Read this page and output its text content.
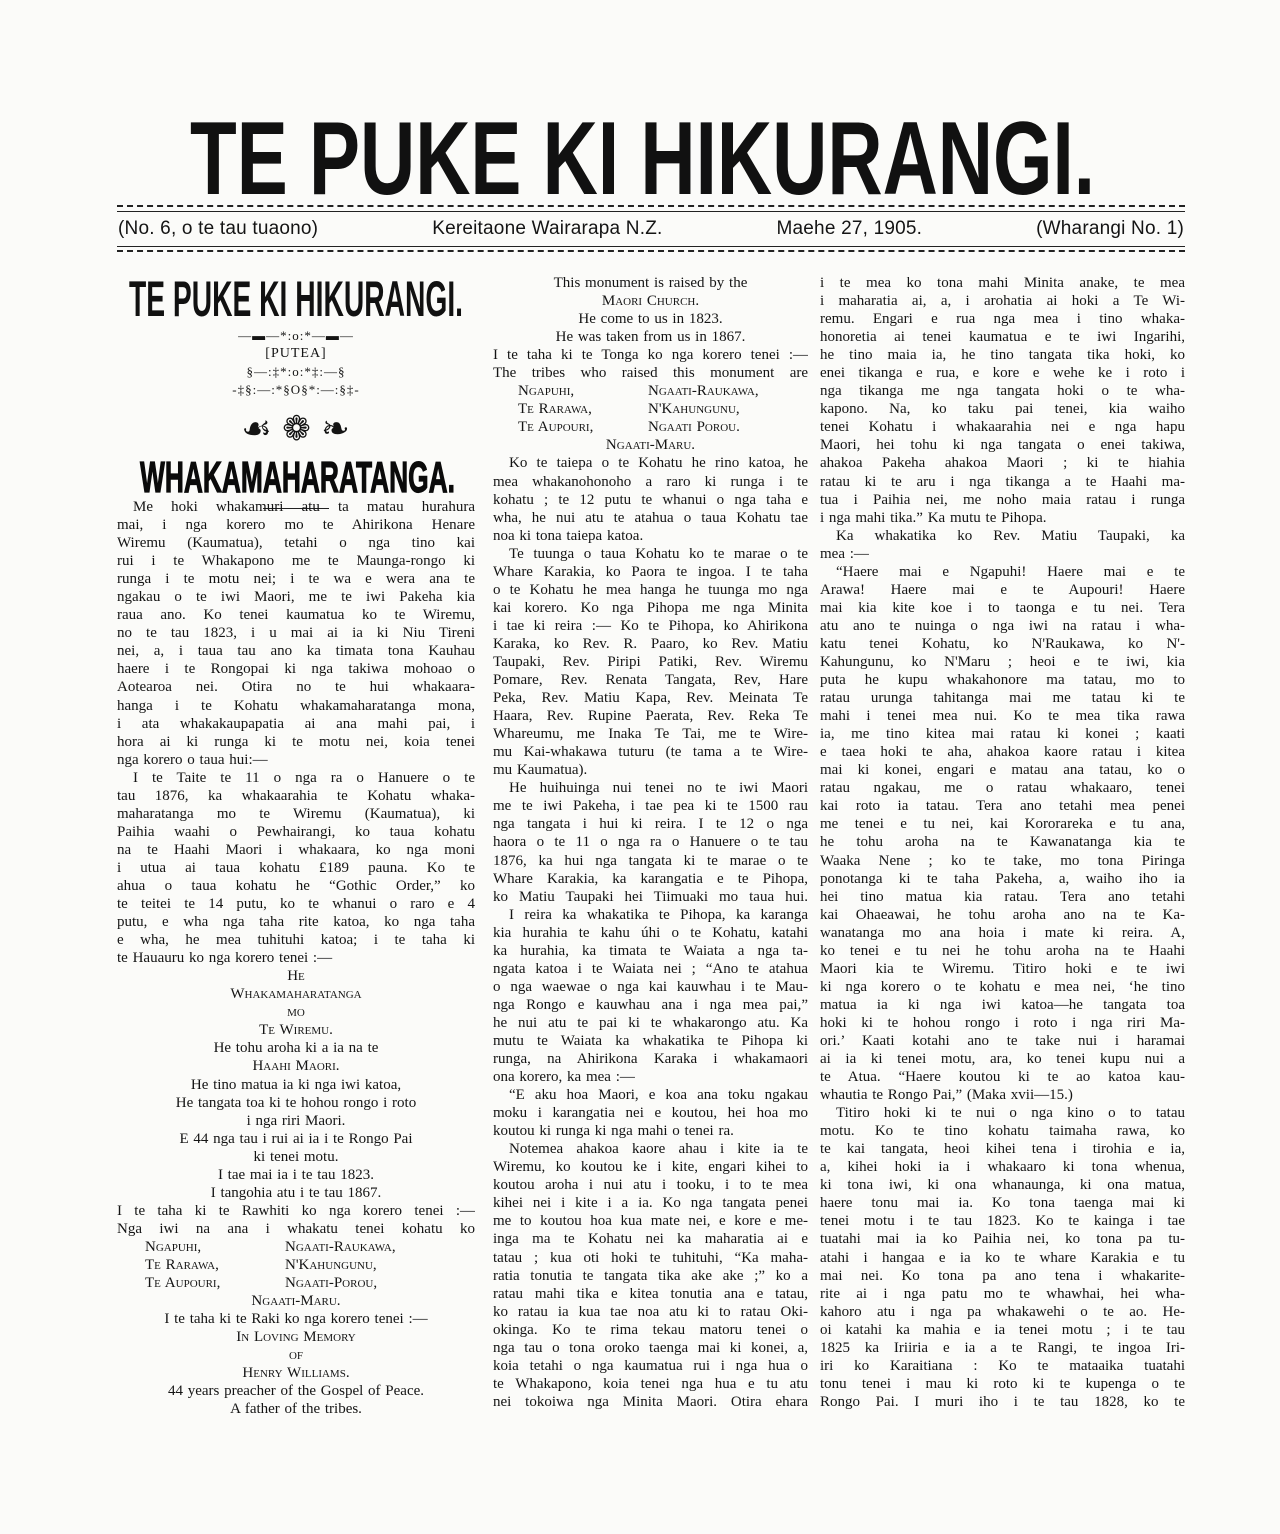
TE PUKE KI HIKURANGI.
(No. 6, o te tau tuaono)	Kereitaone Wairarapa N.Z.	Maehe 27, 1905.	(Wharangi No. 1)
TE PUKE KI HIKURANGI.
—▬—*:o:*—▬—
[PUTEA]
§—:‡*:o:*‡:—§
-‡§:—:*§O§*:—:§‡-
☙ ❁ ❧
WHAKAMAHARATANGA.
Me hoki whakamuri atu ta matau hurahura
mai, i nga korero mo te Ahirikona Henare
Wiremu (Kaumatua), tetahi o nga tino kai
rui i te Whakapono me te Maunga-rongo ki
runga i te motu nei; i te wa e wera ana te
ngakau o te iwi Maori, me te iwi Pakeha kia
raua ano. Ko tenei kaumatua ko te Wiremu,
no te tau 1823, i u mai ai ia ki Niu Tireni
nei, a, i taua tau ano ka timata tona Kauhau
haere i te Rongopai ki nga takiwa mohoao o
Aotearoa nei. Otira no te hui whakaara-
hanga i te Kohatu whakamaharatanga mona,
i ata whakakaupapatia ai ana mahi pai, i
hora ai ki runga ki te motu nei, koia tenei
nga korero o taua hui:—
I te Taite te 11 o nga ra o Hanuere o te
tau 1876, ka whakaarahia te Kohatu whaka-
maharatanga mo te Wiremu (Kaumatua), ki
Paihia waahi o Pewhairangi, ko taua kohatu
na te Haahi Maori i whakaara, ko nga moni
i utua ai taua kohatu £189 pauna. Ko te
ahua o taua kohatu he “Gothic Order,” ko
te teitei te 14 putu, ko te whanui o raro e 4
putu, e wha nga taha rite katoa, ko nga taha
e wha, he mea tuhituhi katoa; i te taha ki
te Hauauru ko nga korero tenei :—
He
Whakamaharatanga
mo
Te Wiremu.
He tohu aroha ki a ia na te
Haahi Maori.
He tino matua ia ki nga iwi katoa,
He tangata toa ki te hohou rongo i roto
i nga riri Maori.
E 44 nga tau i rui ai ia i te Rongo Pai
ki tenei motu.
I tae mai ia i te tau 1823.
I tangohia atu i te tau 1867.
I te taha ki te Rawhiti ko nga korero tenei :—
Nga iwi na ana i whakatu tenei kohatu ko
Ngapuhi,	Ngaati-Raukawa,
Te Rarawa,	N'Kahungunu,
Te Aupouri,	Ngaati-Porou,
Ngaati-Maru.
I te taha ki te Raki ko nga korero tenei :—
In Loving Memory
of
Henry Williams.
44 years preacher of the Gospel of Peace.
A father of the tribes.
This monument is raised by the
Maori Church.
He come to us in 1823.
He was taken from us in 1867.
I te taha ki te Tonga ko nga korero tenei :—
The tribes who raised this monument are
Ngapuhi,	Ngaati-Raukawa,
Te Rarawa,	N'Kahungunu,
Te Aupouri,	Ngaati Porou.
Ngaati-Maru.
Ko te taiepa o te Kohatu he rino katoa, he
mea whakanohonoho a raro ki runga i te
kohatu ; te 12 putu te whanui o nga taha e
wha, he nui atu te atahua o taua Kohatu tae
noa ki tona taiepa katoa.
Te tuunga o taua Kohatu ko te marae o te
Whare Karakia, ko Paora te ingoa. I te taha
o te Kohatu he mea hanga he tuunga mo nga
kai korero. Ko nga Pihopa me nga Minita
i tae ki reira :— Ko te Pihopa, ko Ahirikona
Karaka, ko Rev. R. Paaro, ko Rev. Matiu
Taupaki, Rev. Piripi Patiki, Rev. Wiremu
Pomare, Rev. Renata Tangata, Rev, Hare
Peka, Rev. Matiu Kapa, Rev. Meinata Te
Haara, Rev. Rupine Paerata, Rev. Reka Te
Whareumu, me Inaka Te Tai, me te Wire-
mu Kai-whakawa tuturu (te tama a te Wire-
mu Kaumatua).
He huihuinga nui tenei no te iwi Maori
me te iwi Pakeha, i tae pea ki te 1500 rau
nga tangata i hui ki reira. I te 12 o nga
haora o te 11 o nga ra o Hanuere o te tau
1876, ka hui nga tangata ki te marae o te
Whare Karakia, ka karangatia e te Pihopa,
ko Matiu Taupaki hei Tiimuaki mo taua hui.
I reira ka whakatika te Pihopa, ka karanga
kia hurahia te kahu úhi o te Kohatu, katahi
ka hurahia, ka timata te Waiata a nga ta-
ngata katoa i te Waiata nei ; “Ano te atahua
o nga waewae o nga kai kauwhau i te Mau-
nga Rongo e kauwhau ana i nga mea pai,”
he nui atu te pai ki te whakarongo atu. Ka
mutu te Waiata ka whakatika te Pihopa ki
runga, na Ahirikona Karaka i whakamaori
ona korero, ka mea :—
“E aku hoa Maori, e koa ana toku ngakau
moku i karangatia nei e koutou, hei hoa mo
koutou ki runga ki nga mahi o tenei ra.
Notemea ahakoa kaore ahau i kite ia te
Wiremu, ko koutou ke i kite, engari kihei to
koutou aroha i nui atu i tooku, i to te mea
kihei nei i kite i a ia. Ko nga tangata penei
me to koutou hoa kua mate nei, e kore e me-
inga ma te Kohatu nei ka maharatia ai e
tatau ; kua oti hoki te tuhituhi, “Ka maha-
ratia tonutia te tangata tika ake ake ;” ko a
ratau mahi tika e kitea tonutia ana e tatau,
ko ratau ia kua tae noa atu ki to ratau Oki-
okinga. Ko te rima tekau matoru tenei o
nga tau o tona oroko taenga mai ki konei, a,
koia tetahi o nga kaumatua rui i nga hua o
te Whakapono, koia tenei nga hua e tu atu
nei tokoiwa nga Minita Maori. Otira ehara
i te mea ko tona mahi Minita anake, te mea
i maharatia ai, a, i arohatia ai hoki a Te Wi-
remu. Engari e rua nga mea i tino whaka-
honoretia ai tenei kaumatua e te iwi Ingarihi,
he tino maia ia, he tino tangata tika hoki, ko
enei tikanga e rua, e kore e wehe ke i roto i
nga tikanga me nga tangata hoki o te wha-
kapono. Na, ko taku pai tenei, kia waiho
tenei Kohatu i whakaarahia nei e nga hapu
Maori, hei tohu ki nga tangata o enei takiwa,
ahakoa Pakeha ahakoa Maori ; ki te hiahia
ratau ki te aru i nga tikanga a te Haahi ma-
tua i Paihia nei, me noho maia ratau i runga
i nga mahi tika.” Ka mutu te Pihopa.
Ka whakatika ko Rev. Matiu Taupaki, ka
mea :—
“Haere mai e Ngapuhi! Haere mai e te
Arawa! Haere mai e te Aupouri! Haere
mai kia kite koe i to taonga e tu nei. Tera
atu ano te nuinga o nga iwi na ratau i wha-
katu tenei Kohatu, ko N'Raukawa, ko N'-
Kahungunu, ko N'Maru ; heoi e te iwi, kia
puta he kupu whakahonore ma tatau, mo to
ratau urunga tahitanga mai me tatau ki te
mahi i tenei mea nui. Ko te mea tika rawa
ia, me tino kitea mai ratau ki konei ; kaati
e taea hoki te aha, ahakoa kaore ratau i kitea
mai ki konei, engari e matau ana tatau, ko o
ratau ngakau, me o ratau whakaaro, tenei
kai roto ia tatau. Tera ano tetahi mea penei
me tenei e tu nei, kai Kororareka e tu ana,
he tohu aroha na te Kawanatanga kia te
Waaka Nene ; ko te take, mo tona Piringa
ponotanga ki te taha Pakeha, a, waiho iho ia
hei tino matua kia ratau. Tera ano tetahi
kai Ohaeawai, he tohu aroha ano na te Ka-
wanatanga mo ana hoia i mate ki reira. A,
ko tenei e tu nei he tohu aroha na te Haahi
Maori kia te Wiremu. Titiro hoki e te iwi
ki nga korero o te kohatu e mea nei, ‘he tino
matua ia ki nga iwi katoa—he tangata toa
hoki ki te hohou rongo i roto i nga riri Ma-
ori.’ Kaati kotahi ano te take nui i haramai
ai ia ki tenei motu, ara, ko tenei kupu nui a
te Atua. “Haere koutou ki te ao katoa kau-
whautia te Rongo Pai,” (Maka xvii—15.)
Titiro hoki ki te nui o nga kino o to tatau
motu. Ko te tino kohatu taimaha rawa, ko
te kai tangata, heoi kihei tena i tirohia e ia,
a, kihei hoki ia i whakaaro ki tona whenua,
ki tona iwi, ki ona whanaunga, ki ona matua,
haere tonu mai ia. Ko tona taenga mai ki
tenei motu i te tau 1823. Ko te kainga i tae
tuatahi mai ia ko Paihia nei, ko tona pa tu-
atahi i hangaa e ia ko te whare Karakia e tu
mai nei. Ko tona pa ano tena i whakarite-
rite ai i nga patu mo te whawhai, hei wha-
kahoro atu i nga pa whakawehi o te ao. He-
oi katahi ka mahia e ia tenei motu ; i te tau
1825 ka Iriiria e ia a te Rangi, te ingoa Iri-
iri ko Karaitiana : Ko te mataaika tuatahi
tonu tenei i mau ki roto ki te kupenga o te
Rongo Pai. I muri iho i te tau 1828, ko te
